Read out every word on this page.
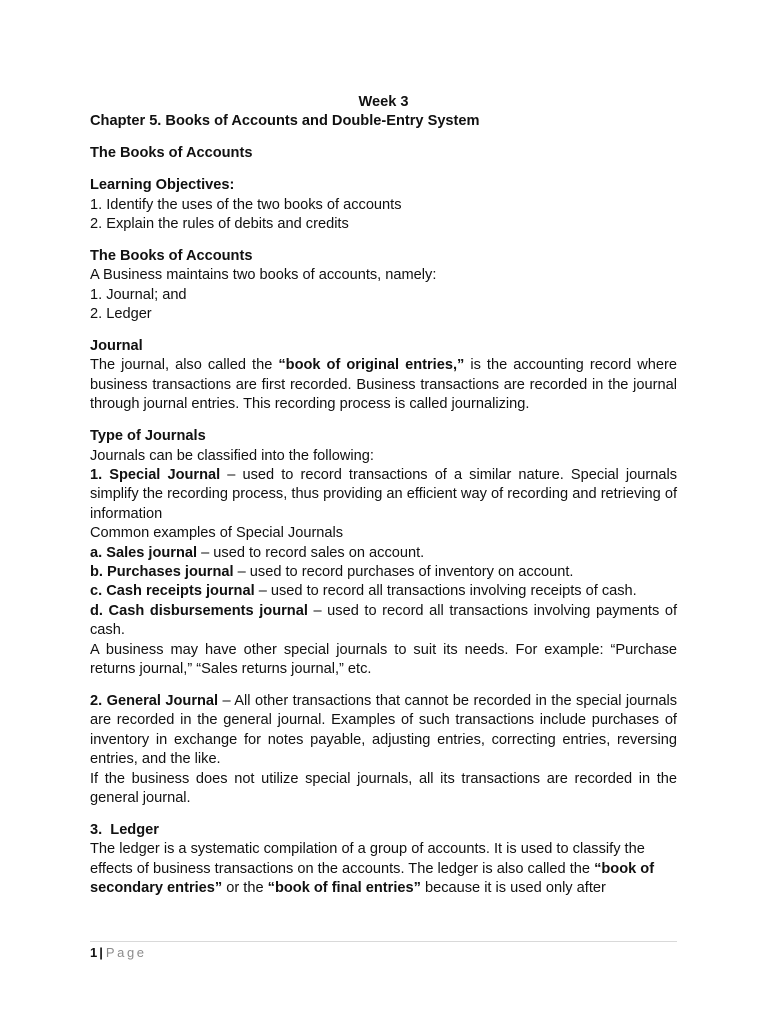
Week 3

Chapter 5. Books of Accounts and Double-Entry System

The Books of Accounts

Learning Objectives:

1. Identify the uses of the two books of accounts

2. Explain the rules of debits and credits

The Books of Accounts

A Business maintains two books of accounts, namely:

1. Journal; and

2. Ledger

Journal

The journal, also called the “book of original entries,” is the accounting record where business transactions are first recorded. Business transactions are recorded in the journal through journal entries. This recording process is called journalizing.

Type of Journals

Journals can be classified into the following:

1. Special Journal – used to record transactions of a similar nature. Special journals simplify the recording process, thus providing an efficient way of recording and retrieving of information

Common examples of Special Journals

a. Sales journal – used to record sales on account.

b. Purchases journal – used to record purchases of inventory on account.

c. Cash receipts journal – used to record all transactions involving receipts of cash.

d. Cash disbursements journal – used to record all transactions involving payments of cash.

A business may have other special journals to suit its needs. For example: “Purchase returns journal,” “Sales returns journal,” etc.

2. General Journal – All other transactions that cannot be recorded in the special journals are recorded in the general journal. Examples of such transactions include purchases of inventory in exchange for notes payable, adjusting entries, correcting entries, reversing entries, and the like.

If the business does not utilize special journals, all its transactions are recorded in the general journal.

3.  Ledger

The ledger is a systematic compilation of a group of accounts. It is used to classify the effects of business transactions on the accounts. The ledger is also called the “book of secondary entries” or the “book of final entries” because it is used only after

1 | Page
